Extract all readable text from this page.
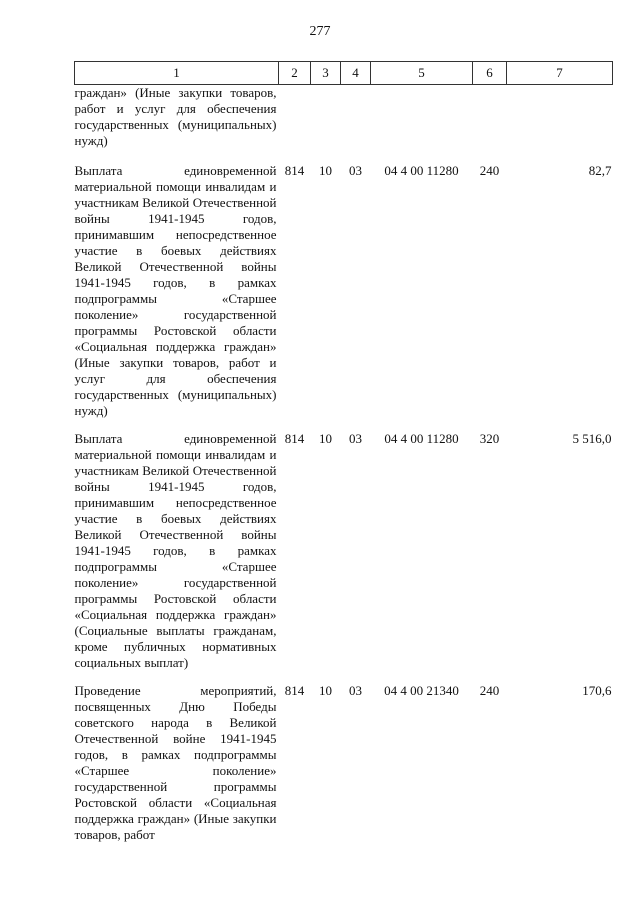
277
1	2	3	4	5	6	7
граждан» (Иные закупки товаров, работ и услуг для обеспечения государственных (муниципальных) нужд)						
Выплата единовременной материальной помощи инвалидам и участникам Великой Отечественной войны 1941-1945 годов, принимавшим непосредственное участие в боевых действиях Великой Отечественной войны 1941-1945 годов, в рамках подпрограммы «Старшее поколение» государственной программы Ростовской области «Социальная поддержка граждан» (Иные закупки товаров, работ и услуг для обеспечения государственных (муниципальных) нужд)	814	10	03	04 4 00 11280	240	82,7
Выплата единовременной материальной помощи инвалидам и участникам Великой Отечественной войны 1941-1945 годов, принимавшим непосредственное участие в боевых действиях Великой Отечественной войны 1941-1945 годов, в рамках подпрограммы «Старшее поколение» государственной программы Ростовской области «Социальная поддержка граждан» (Социальные выплаты гражданам, кроме публичных нормативных социальных выплат)	814	10	03	04 4 00 11280	320	5 516,0
Проведение мероприятий, посвященных Дню Победы советского народа в Великой Отечественной войне 1941-1945 годов, в рамках подпрограммы «Старшее поколение» государственной программы Ростовской области «Социальная поддержка граждан» (Иные закупки товаров, работ	814	10	03	04 4 00 21340	240	170,6
